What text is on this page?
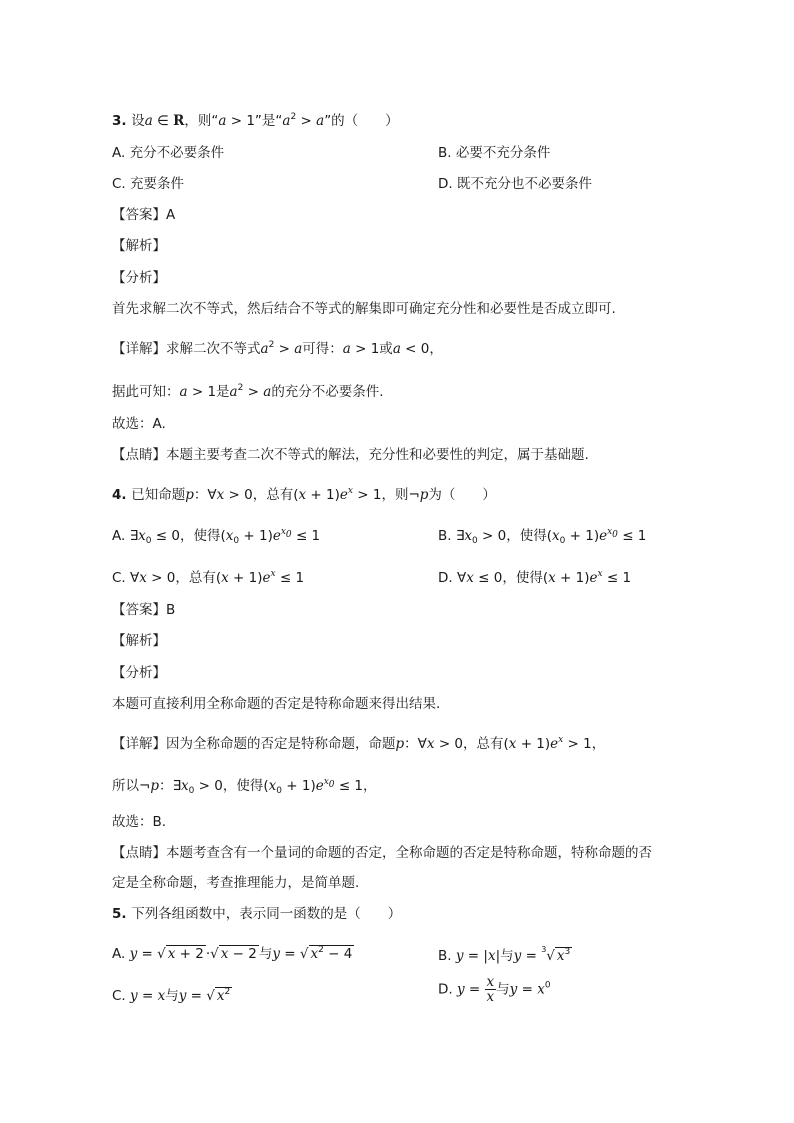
3. 设a ∈ R，则“a > 1”是“$a^2 > a$”的（　　）
A. 充分不必要条件	B. 必要不充分条件
C. 充要条件	D. 既不充分也不必要条件
【答案】A
【解析】
【分析】
首先求解二次不等式，然后结合不等式的解集即可确定充分性和必要性是否成立即可.
【详解】求解二次不等式$a^2 > a$可得：a > 1或a < 0，
据此可知：a > 1是$a^2 > a$的充分不必要条件.
故选：A.
【点睛】本题主要考查二次不等式的解法，充分性和必要性的判定，属于基础题.
4. 已知命题p：∀x > 0，总有$(x + 1)e^x > 1$，则¬p为（　　）
A. $\exists x_0 \le 0$，使得$(x_0 + 1)e^{x_0} \le 1$	B. $\exists x_0 > 0$，使得$(x_0 + 1)e^{x_0} \le 1$
C. ∀x > 0，总有$(x + 1)e^x \le 1$	D. ∀x ≤ 0，使得$(x + 1)e^x \le 1$
【答案】B
【解析】
【分析】
本题可直接利用全称命题的否定是特称命题来得出结果.
【详解】因为全称命题的否定是特称命题，命题p：∀x > 0，总有$(x + 1)e^x > 1$，
所以¬p：$\exists x_0 > 0$，使得$(x_0 + 1)e^{x_0} \le 1$，
故选：B.
【点睛】本题考查含有一个量词的命题的否定，全称命题的否定是特称命题，特称命题的否
定是全称命题，考查推理能力，是简单题.
5. 下列各组函数中，表示同一函数的是（　　）
A. y = √ x + 2 ·√ x − 2 与y = √ $x^2 - 4$	B. y = |x|与y = $^3$√ $x^3$
C. y = x与y = √ $x^2$	D. $y = \frac{x}{x}$ 与$y = x^0$
